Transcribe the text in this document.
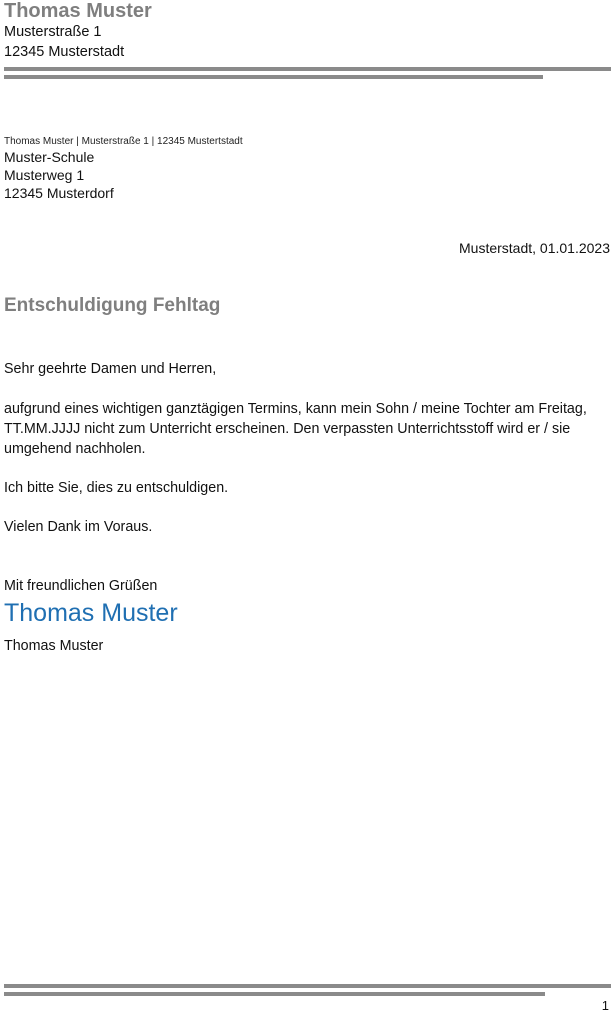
Thomas Muster
Musterstraße 1
12345 Musterstadt
Thomas Muster | Musterstraße 1 | 12345 Mustertstadt
Muster-Schule
Musterweg 1
12345 Musterdorf
Musterstadt, 01.01.2023
Entschuldigung Fehltag
Sehr geehrte Damen und Herren,
aufgrund eines wichtigen ganztägigen Termins, kann mein Sohn / meine Tochter am Freitag, TT.MM.JJJJ nicht zum Unterricht erscheinen. Den verpassten Unterrichtsstoff wird er / sie umgehend nachholen.
Ich bitte Sie, dies zu entschuldigen.
Vielen Dank im Voraus.
Mit freundlichen Grüßen
Thomas Muster
Thomas Muster
1
